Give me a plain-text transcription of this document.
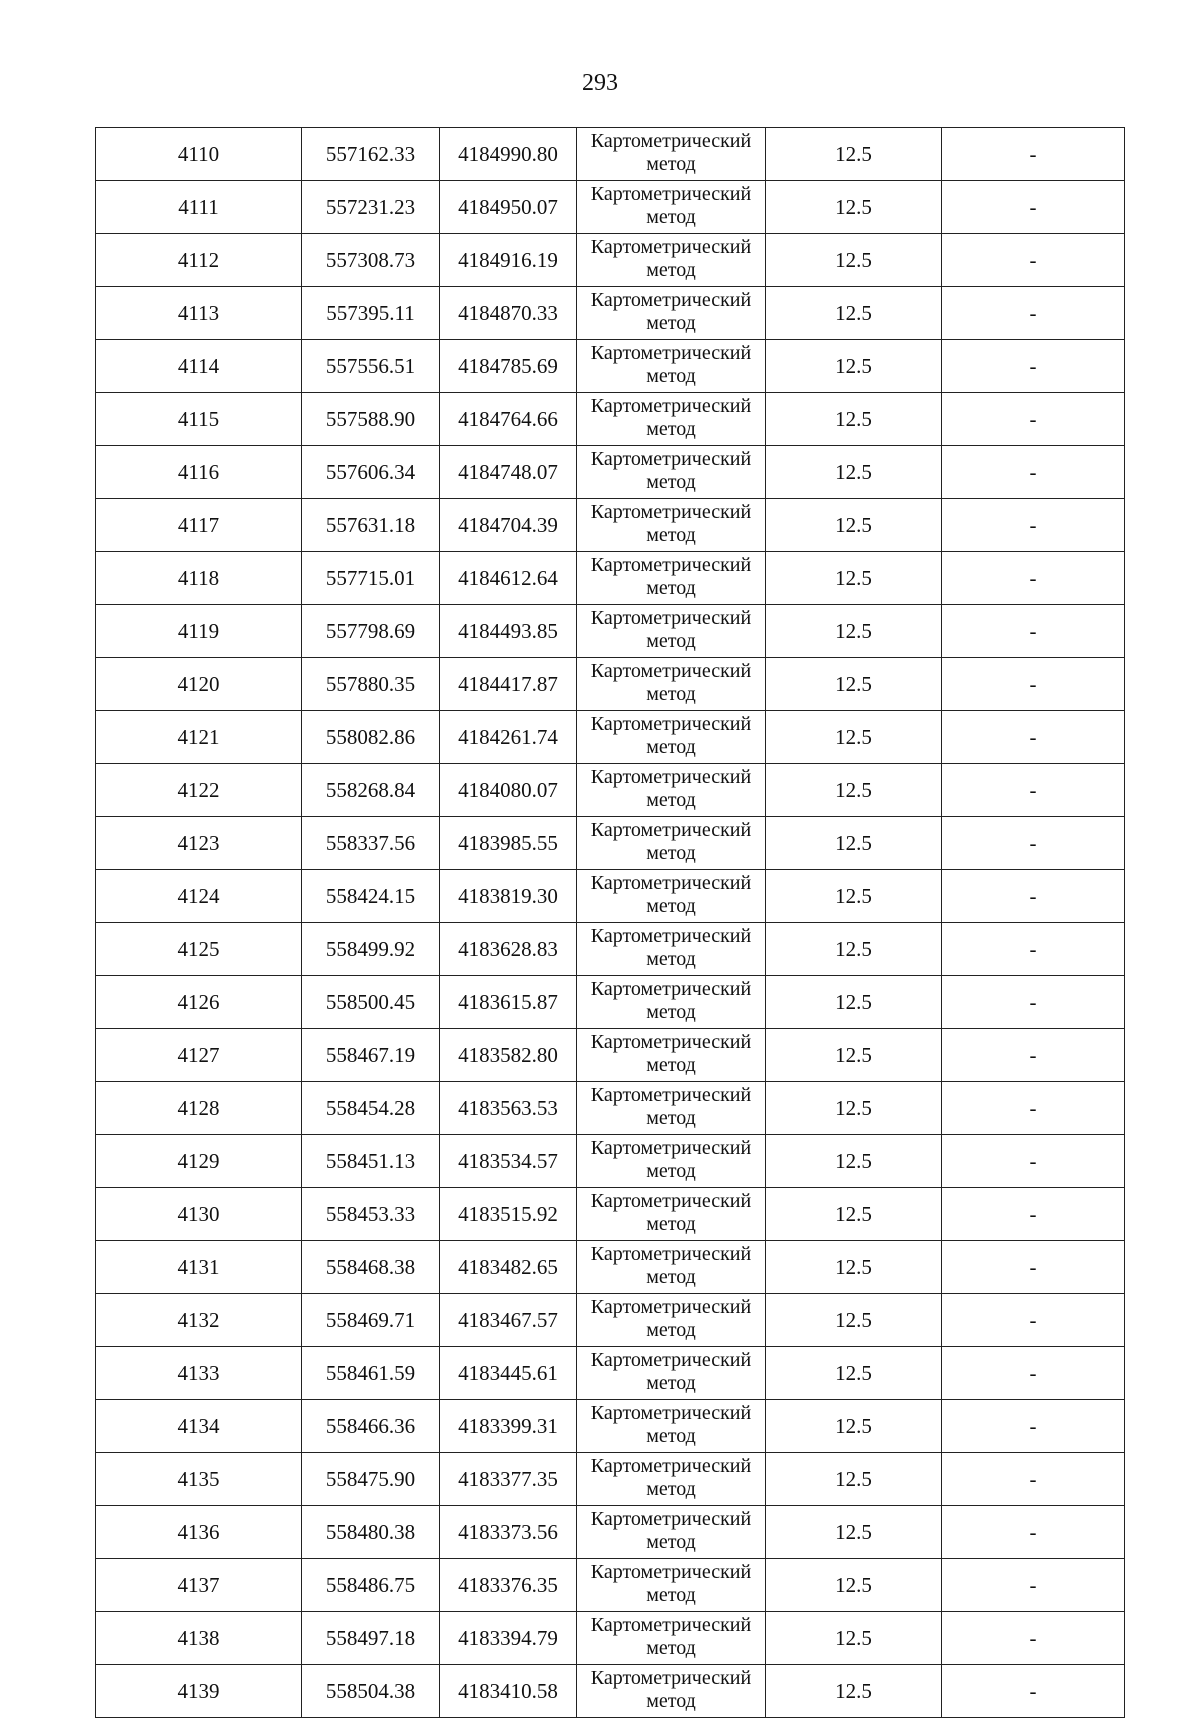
293
4110	557162.33	4184990.80	Картометрический
метод	12.5	-
4111	557231.23	4184950.07	Картометрический
метод	12.5	-
4112	557308.73	4184916.19	Картометрический
метод	12.5	-
4113	557395.11	4184870.33	Картометрический
метод	12.5	-
4114	557556.51	4184785.69	Картометрический
метод	12.5	-
4115	557588.90	4184764.66	Картометрический
метод	12.5	-
4116	557606.34	4184748.07	Картометрический
метод	12.5	-
4117	557631.18	4184704.39	Картометрический
метод	12.5	-
4118	557715.01	4184612.64	Картометрический
метод	12.5	-
4119	557798.69	4184493.85	Картометрический
метод	12.5	-
4120	557880.35	4184417.87	Картометрический
метод	12.5	-
4121	558082.86	4184261.74	Картометрический
метод	12.5	-
4122	558268.84	4184080.07	Картометрический
метод	12.5	-
4123	558337.56	4183985.55	Картометрический
метод	12.5	-
4124	558424.15	4183819.30	Картометрический
метод	12.5	-
4125	558499.92	4183628.83	Картометрический
метод	12.5	-
4126	558500.45	4183615.87	Картометрический
метод	12.5	-
4127	558467.19	4183582.80	Картометрический
метод	12.5	-
4128	558454.28	4183563.53	Картометрический
метод	12.5	-
4129	558451.13	4183534.57	Картометрический
метод	12.5	-
4130	558453.33	4183515.92	Картометрический
метод	12.5	-
4131	558468.38	4183482.65	Картометрический
метод	12.5	-
4132	558469.71	4183467.57	Картометрический
метод	12.5	-
4133	558461.59	4183445.61	Картометрический
метод	12.5	-
4134	558466.36	4183399.31	Картометрический
метод	12.5	-
4135	558475.90	4183377.35	Картометрический
метод	12.5	-
4136	558480.38	4183373.56	Картометрический
метод	12.5	-
4137	558486.75	4183376.35	Картометрический
метод	12.5	-
4138	558497.18	4183394.79	Картометрический
метод	12.5	-
4139	558504.38	4183410.58	Картометрический
метод	12.5	-
